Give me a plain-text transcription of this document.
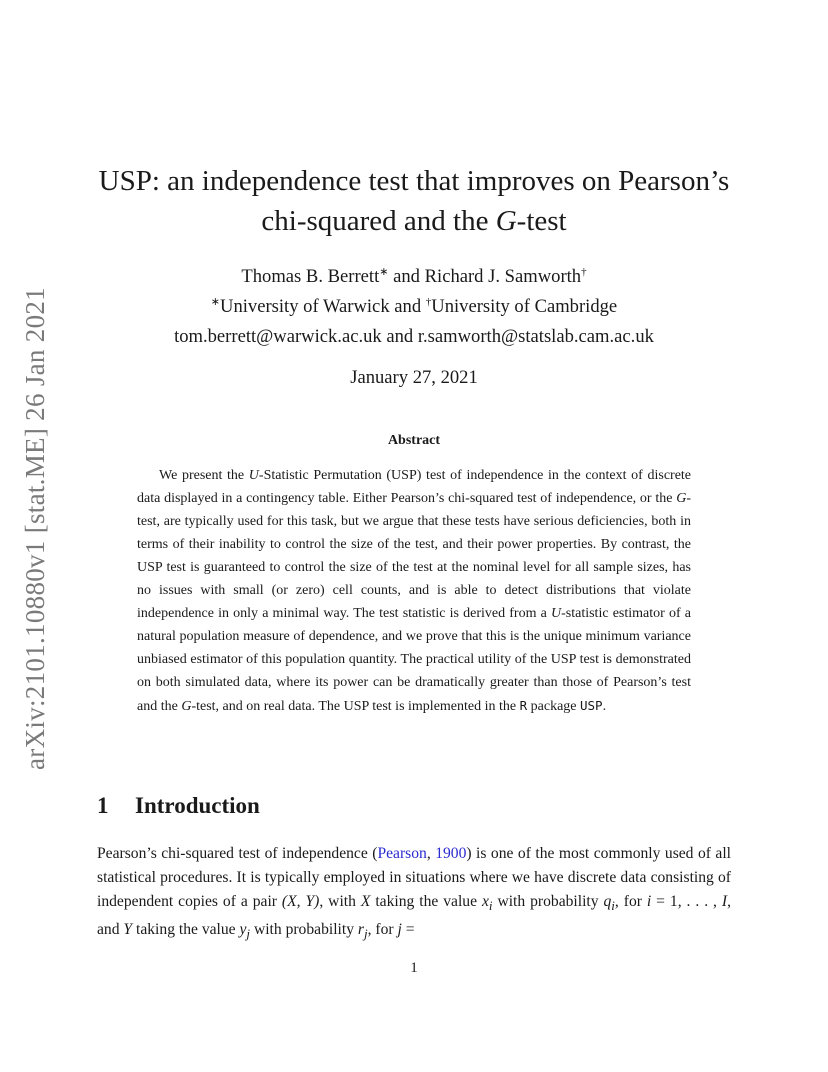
arXiv:2101.10880v1 [stat.ME] 26 Jan 2021
USP: an independence test that improves on Pearson’s
chi-squared and the G-test
Thomas B. Berrett∗ and Richard J. Samworth†
∗University of Warwick and †University of Cambridge
tom.berrett@warwick.ac.uk and r.samworth@statslab.cam.ac.uk
January 27, 2021
Abstract

We present the U-Statistic Permutation (USP) test of independence in the context of discrete data displayed in a contingency table. Either Pearson’s chi-squared test of independence, or the G-test, are typically used for this task, but we argue that these tests have serious deficiencies, both in terms of their inability to control the size of the test, and their power properties. By contrast, the USP test is guaranteed to control the size of the test at the nominal level for all sample sizes, has no issues with small (or zero) cell counts, and is able to detect distributions that violate independence in only a minimal way. The test statistic is derived from a U-statistic estimator of a natural population measure of dependence, and we prove that this is the unique minimum variance unbiased estimator of this population quantity. The practical utility of the USP test is demonstrated on both simulated data, where its power can be dramatically greater than those of Pearson’s test and the G-test, and on real data. The USP test is implemented in the R package USP.

1 Introduction

Pearson’s chi-squared test of independence (Pearson, 1900) is one of the most commonly used of all statistical procedures. It is typically employed in situations where we have discrete data consisting of independent copies of a pair (X, Y), with X taking the value $x_i$ with probability $q_i$, for i = 1, . . . , I, and Y taking the value $y_j$ with probability $r_j$, for j =

1
